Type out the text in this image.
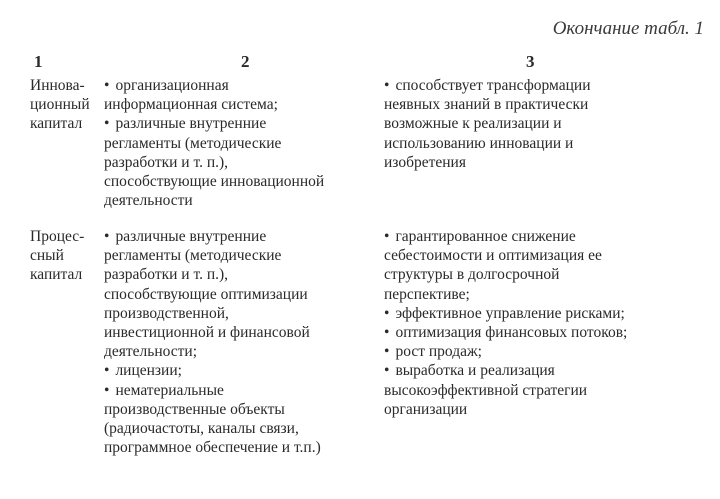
Окончание табл. 1
1	2	3

Иннова-

ционный

капитал

• организационная

информационная система;

• различные внутренние

регламенты (методические

разработки и т. п.),

способствующие инновационной

деятельности

• способствует трансформации

неявных знаний в практически

возможные к реализации и

использованию инновации и

изобретения

Процес-

сный

капитал

• различные внутренние

регламенты (методические

разработки и т. п.),

способствующие оптимизации

производственной,

инвестиционной и финансовой

деятельности;

• лицензии;

• нематериальные

производственные объекты

(радиочастоты, каналы связи,

программное обеспечение и т.п.)

• гарантированное снижение

себестоимости и оптимизация ее

структуры в долгосрочной

перспективе;

• эффективное управление рисками;

• оптимизация финансовых потоков;

• рост продаж;

• выработка и реализация

высокоэффективной стратегии

организации
